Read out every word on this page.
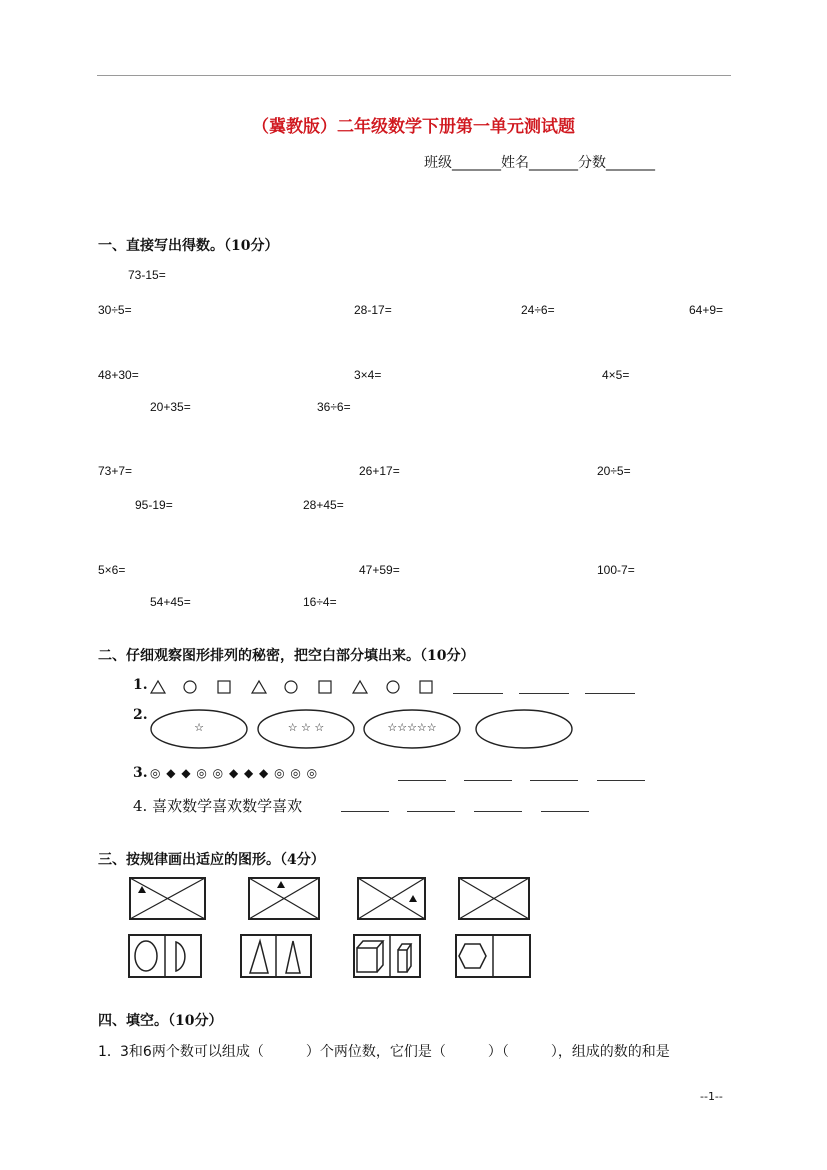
（冀教版）二年级数学下册第一单元测试题
班级_______姓名_______分数_______
一、直接写出得数。（10分）
73-15=
30÷5=	28-17=	24÷6=	64+9=
48+30=	3×4=	4×5=
20+35=	36÷6=
73+7=	26+17=	20÷5=
95-19=	28+45=
5×6=	47+59=	100-7=
54+45=	16÷4=
二、仔细观察图形排列的秘密，把空白部分填出来。（10分）
1.
2.
☆	☆ ☆ ☆	☆☆☆☆☆
3. ◎ ◆ ◆ ◎ ◎ ◆ ◆ ◆ ◎ ◎ ◎
4. 喜欢数学喜欢数学喜欢
三、按规律画出适应的图形。（4分）
四、填空。（10分）
1． 3和6两个数可以组成（　　　）个两位数，它们是（　　　）（　　　），组成的数的和是
--1--
